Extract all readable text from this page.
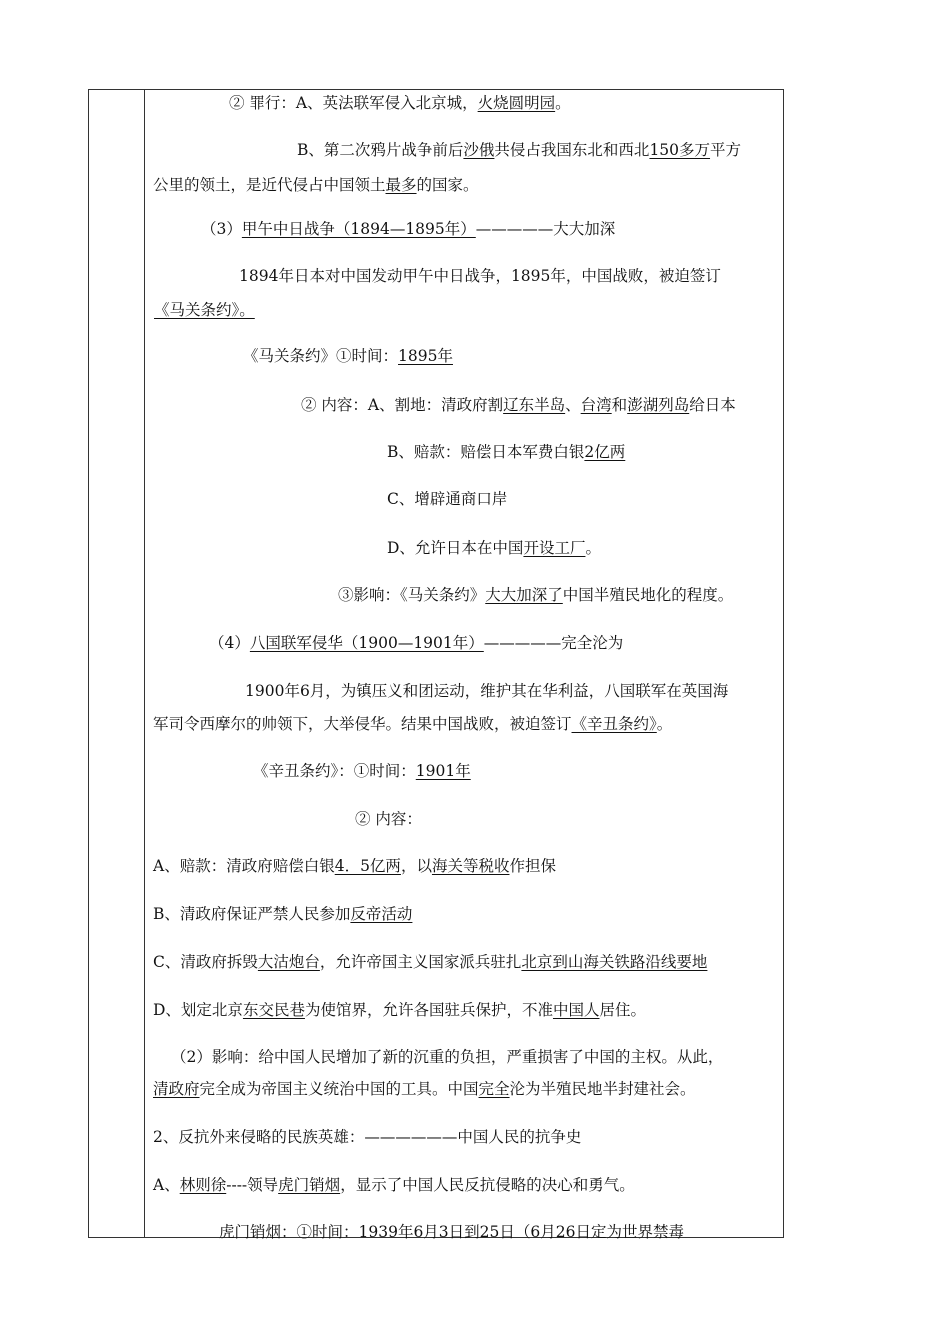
② 罪行：A、英法联军侵入北京城，火烧圆明园。
B、第二次鸦片战争前后沙俄共侵占我国东北和西北150多万平方
公里的领土，是近代侵占中国领土最多的国家。
（3）甲午中日战争（1894—1895年）—————大大加深
1894年日本对中国发动甲午中日战争，1895年，中国战败，被迫签订
《马关条约》。
《马关条约》①时间：1895年
② 内容：A、割地：清政府割辽东半岛、台湾和澎湖列岛给日本
B、赔款：赔偿日本军费白银2亿两
C、增辟通商口岸
D、允许日本在中国开设工厂。
③影响：《马关条约》大大加深了中国半殖民地化的程度。
（4）八国联军侵华（1900—1901年）—————完全沦为
1900年6月，为镇压义和团运动，维护其在华利益，八国联军在英国海
军司令西摩尔的帅领下，大举侵华。结果中国战败，被迫签订《辛丑条约》。
《辛丑条约》：①时间：1901年
② 内容：
A、赔款：清政府赔偿白银4．5亿两，以海关等税收作担保
B、清政府保证严禁人民参加反帝活动
C、清政府拆毁大沽炮台，允许帝国主义国家派兵驻扎北京到山海关铁路沿线要地
D、划定北京东交民巷为使馆界，允许各国驻兵保护，不准中国人居住。
（2）影响：给中国人民增加了新的沉重的负担，严重损害了中国的主权。从此，
清政府完全成为帝国主义统治中国的工具。中国完全沦为半殖民地半封建社会。
2、反抗外来侵略的民族英雄：——————中国人民的抗争史
A、林则徐----领导虎门销烟，显示了中国人民反抗侵略的决心和勇气。
虎门销烟：①时间：1939年6月3日到25日（6月26日定为世界禁毒
